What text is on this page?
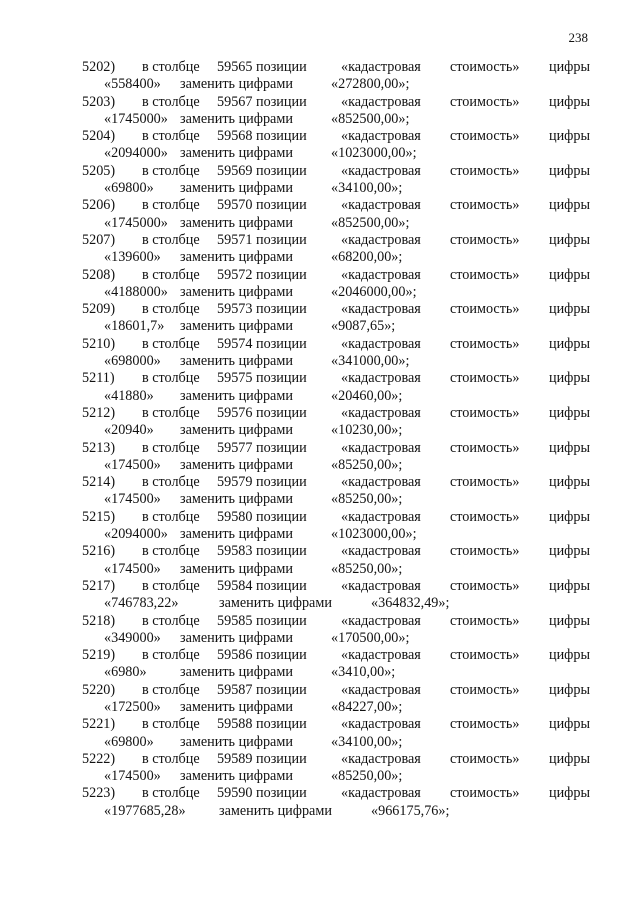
238
5202) в столбце 59565 позиции «кадастровая стоимость» цифры
«558400» заменить цифрами	«272800,00»;
5203) в столбце 59567 позиции «кадастровая стоимость» цифры
«1745000» заменить цифрами	«852500,00»;
5204) в столбце 59568 позиции «кадастровая стоимость» цифры
«2094000» заменить цифрами	«1023000,00»;
5205) в столбце 59569 позиции «кадастровая стоимость» цифры
«69800» заменить цифрами	«34100,00»;
5206) в столбце 59570 позиции «кадастровая стоимость» цифры
«1745000» заменить цифрами	«852500,00»;
5207) в столбце 59571 позиции «кадастровая стоимость» цифры
«139600» заменить цифрами	«68200,00»;
5208) в столбце 59572 позиции «кадастровая стоимость» цифры
«4188000» заменить цифрами	«2046000,00»;
5209) в столбце 59573 позиции «кадастровая стоимость» цифры
«18601,7» заменить цифрами	«9087,65»;
5210) в столбце 59574 позиции «кадастровая стоимость» цифры
«698000» заменить цифрами	«341000,00»;
5211) в столбце 59575 позиции «кадастровая стоимость» цифры
«41880» заменить цифрами	«20460,00»;
5212) в столбце 59576 позиции «кадастровая стоимость» цифры
«20940» заменить цифрами	«10230,00»;
5213) в столбце 59577 позиции «кадастровая стоимость» цифры
«174500» заменить цифрами	«85250,00»;
5214) в столбце 59579 позиции «кадастровая стоимость» цифры
«174500» заменить цифрами	«85250,00»;
5215) в столбце 59580 позиции «кадастровая стоимость» цифры
«2094000» заменить цифрами	«1023000,00»;
5216) в столбце 59583 позиции «кадастровая стоимость» цифры
«174500» заменить цифрами	«85250,00»;
5217) в столбце 59584 позиции «кадастровая стоимость» цифры
«746783,22»	заменить цифрами	«364832,49»;
5218) в столбце 59585 позиции «кадастровая стоимость» цифры
«349000» заменить цифрами	«170500,00»;
5219) в столбце 59586 позиции «кадастровая стоимость» цифры
«6980» заменить цифрами	«3410,00»;
5220) в столбце 59587 позиции «кадастровая стоимость» цифры
«172500» заменить цифрами	«84227,00»;
5221) в столбце 59588 позиции «кадастровая стоимость» цифры
«69800» заменить цифрами	«34100,00»;
5222) в столбце 59589 позиции «кадастровая стоимость» цифры
«174500» заменить цифрами	«85250,00»;
5223) в столбце 59590 позиции «кадастровая стоимость» цифры
«1977685,28» заменить цифрами	«966175,76»;
